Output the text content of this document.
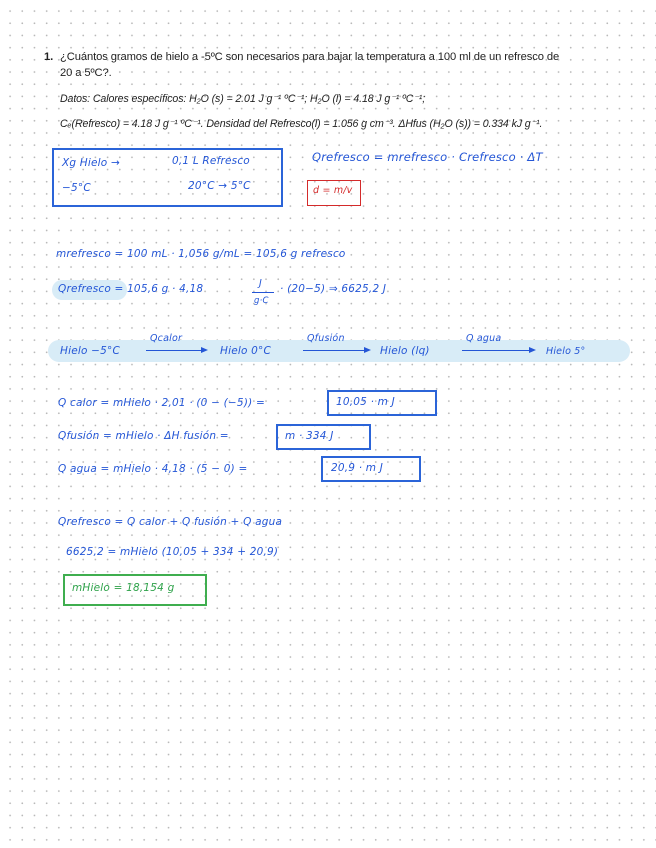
1. ¿Cuántos gramos de hielo a -5ºC son necesarios para bajar la temperatura a 100 ml de un refresco de
20 a 5ºC?.
Datos: Calores específicos: H₂O (s) = 2.01 J g⁻¹ ºC⁻¹; H₂O (l) = 4.18 J g⁻¹ ºC⁻¹;
Cₑ(Refresco) = 4.18 J g⁻¹ ºC⁻¹. Densidad del Refresco(l) = 1.056 g cm⁻³. ΔHfus (H₂O (s)) = 0.334 kJ g⁻¹.
Xg Hielo →	0,1 L Refresco
−5°C	20°C → 5°C
Qrefresco = mrefresco · Crefresco · ΔT
d = m/v
mrefresco = 100 mL · 1,056 g/mL = 105,6 g refresco
Qrefresco = 105,6 g · 4,18	J
g·C
· (20−5) ⇒ 6625,2 J
Hielo −5°C
Qcalor
Hielo 0°C
Qfusión
Hielo (lq)
Q agua
Hielo 5°
Q calor = mHielo · 2,01 · (0 − (−5)) =	10,05 · m J
Qfusión = mHielo · ΔH fusión =	m · 334 J
Q agua = mHielo · 4,18 · (5 − 0) =	20,9 · m J
Qrefresco = Q calor + Q fusión + Q agua
6625,2 = mHielo (10,05 + 334 + 20,9)
mHielo = 18,154 g
